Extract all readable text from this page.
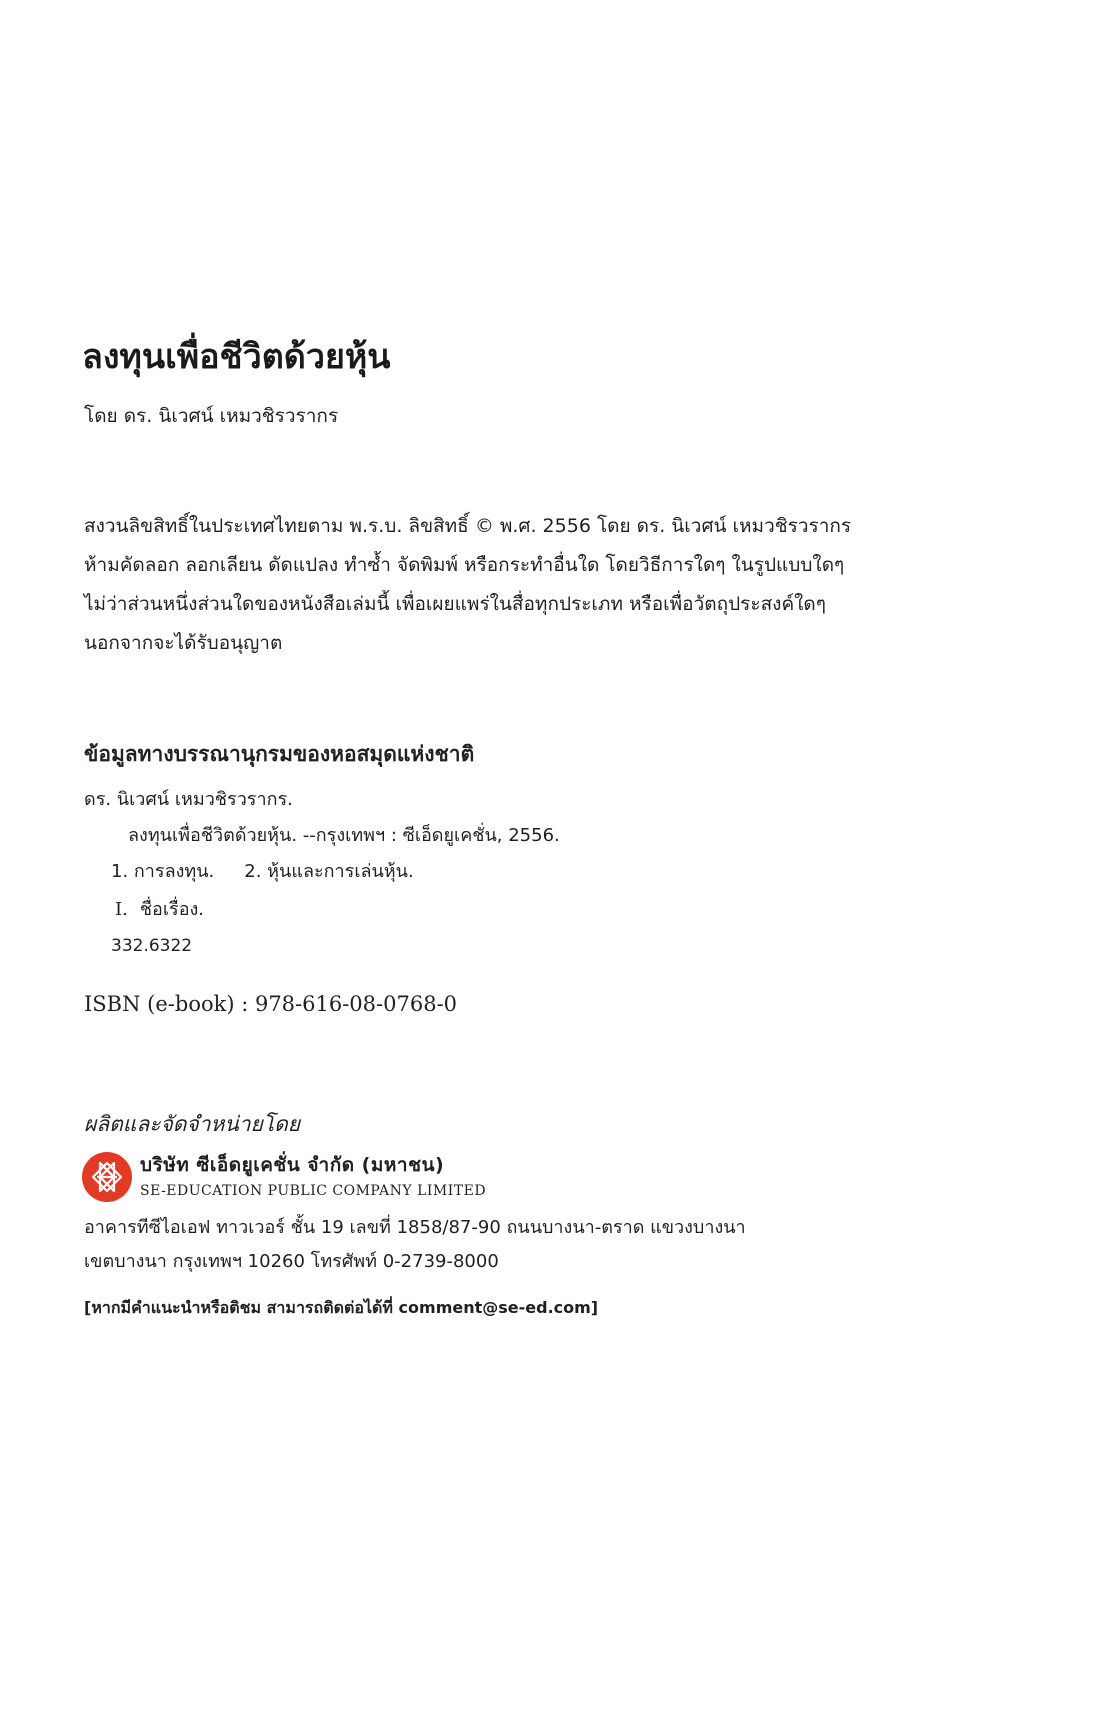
ลงทุนเพื่อชีวิตด้วยหุ้น
โดย ดร. นิเวศน์ เหมวชิรวรากร
สงวนลิขสิทธิ์ในประเทศไทยตาม พ.ร.บ. ลิขสิทธิ์ © พ.ศ. 2556 โดย ดร. นิเวศน์ เหมวชิรวรากร
ห้ามคัดลอก ลอกเลียน ดัดแปลง ทำซ้ำ จัดพิมพ์ หรือกระทำอื่นใด โดยวิธีการใดๆ ในรูปแบบใดๆ
ไม่ว่าส่วนหนึ่งส่วนใดของหนังสือเล่มนี้ เพื่อเผยแพร่ในสื่อทุกประเภท หรือเพื่อวัตถุประสงค์ใดๆ
นอกจากจะได้รับอนุญาต
ข้อมูลทางบรรณานุกรมของหอสมุดแห่งชาติ
ดร. นิเวศน์ เหมวชิรวรากร.
ลงทุนเพื่อชีวิตด้วยหุ้น. --กรุงเทพฯ : ซีเอ็ดยูเคชั่น, 2556.
1. การลงทุน. 2. หุ้นและการเล่นหุ้น.
I. ชื่อเรื่อง.
332.6322
ISBN (e-book) : 978-616-08-0768-0
ผลิตและจัดจำหน่ายโดย
บริษัท ซีเอ็ดยูเคชั่น จำกัด (มหาชน)
SE-EDUCATION PUBLIC COMPANY LIMITED
อาคารทีซีไอเอฟ ทาวเวอร์ ชั้น 19 เลขที่ 1858/87-90 ถนนบางนา-ตราด แขวงบางนา
เขตบางนา กรุงเทพฯ 10260 โทรศัพท์ 0-2739-8000
[หากมีคำแนะนำหรือติชม สามารถติดต่อได้ที่ comment@se-ed.com]
